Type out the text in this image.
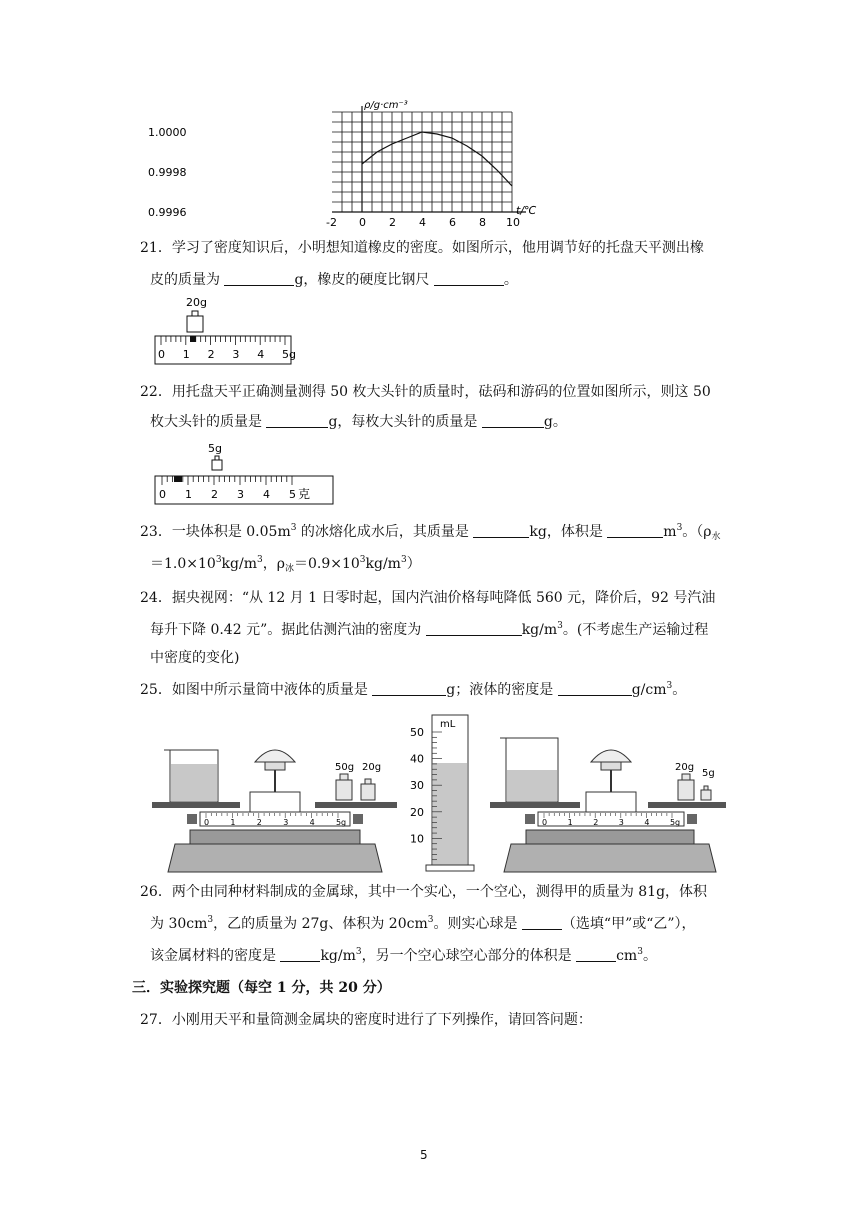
1.0000
0.9998
0.9996
-2 0 2 4 6 8 10
ρ/g·cm⁻³
t/℃
21．学习了密度知识后，小明想知道橡皮的密度。如图所示，他用调节好的托盘天平测出橡
皮的质量为	g，橡皮的硬度比钢尺	。
20g
0 1 2 3 4 5g
22．用托盘天平正确测量测得 50 枚大头针的质量时，砝码和游码的位置如图所示，则这 50
枚大头针的质量是	g，每枚大头针的质量是	g。
5g
0 1 2 3 4 5 克
23．一块体积是 $0.05m^3$ 的冰熔化成水后，其质量是	kg，体积是	$m^3$。（$\rho_水$
$=1.0\times 10^3kg/m^3$，$\rho_冰=0.9\times 10^3kg/m^3$）
24．据央视网：“从 12 月 1 日零时起，国内汽油价格每吨降低 560 元，降价后，92 号汽油
每升下降 0.42 元”。据此估测汽油的密度为	$kg/m^3$。(不考虑生产运输过程
中密度的变化)
25．如图中所示量筒中液体的质量是	g；液体的密度是	$g/cm^3$。
50g 20g
0	1	2	3	4	5 g
mL
50
40
30
20
10
20g
5g
0	1	2	3	4	5 g
26．两个由同种材料制成的金属球，其中一个实心，一个空心，测得甲的质量为 81g，体积
为 $30cm^3$，乙的质量为 27g、体积为 $20cm^3$。则实心球是	（选填“甲”或“乙”），
该金属材料的密度是	$kg/m^3$，另一个空心球空心部分的体积是	$cm^3$。
三．实验探究题（每空 1 分，共 20 分）
27．小刚用天平和量筒测金属块的密度时进行了下列操作，请回答问题：
5
